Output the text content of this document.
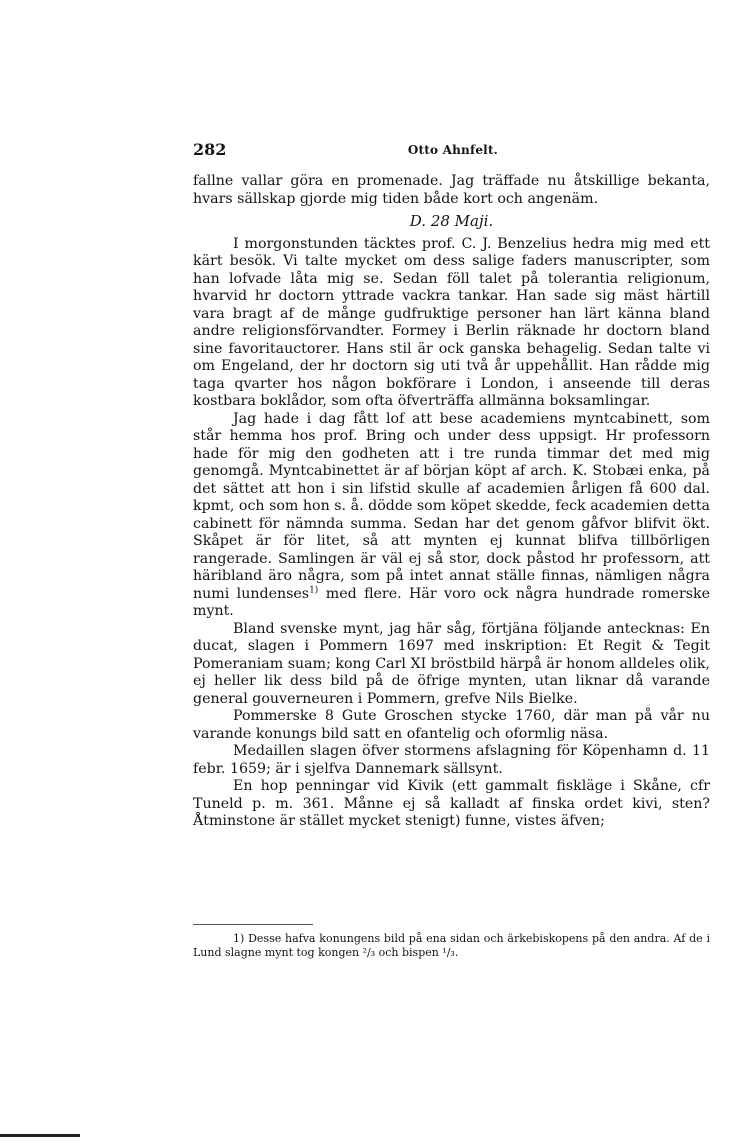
282	Otto Ahnfelt.

fallne vallar göra en promenade. Jag träffade nu åtskillige bekanta, hvars sällskap gjorde mig tiden både kort och angenäm.

D. 28 Maji.

I morgonstunden täcktes prof. C. J. Benzelius hedra mig med ett kärt besök. Vi talte mycket om dess salige faders manuscripter, som han lofvade låta mig se. Sedan föll talet på tolerantia religionum, hvarvid hr doctorn yttrade vackra tankar. Han sade sig mäst härtill vara bragt af de månge gudfruktige personer han lärt känna bland andre religionsförvandter. Formey i Berlin räknade hr doctorn bland sine favoritauctorer. Hans stil är ock ganska behagelig. Sedan talte vi om Engeland, der hr doctorn sig uti två år uppehållit. Han rådde mig taga qvarter hos någon bokförare i London, i anseende till deras kostbara boklådor, som ofta öfverträffa allmänna boksamlingar.

Jag hade i dag fått lof att bese academiens myntcabinett, som står hemma hos prof. Bring och under dess uppsigt. Hr professorn hade för mig den godheten att i tre runda timmar det med mig genomgå. Myntcabinettet är af början köpt af arch. K. Stobæi enka, på det sättet att hon i sin lifstid skulle af academien årligen få 600 dal. kpmt, och som hon s. å. dödde som köpet skedde, feck academien detta cabinett för nämnda summa. Sedan har det genom gåfvor blifvit ökt. Skåpet är för litet, så att mynten ej kunnat blifva tillbörligen rangerade. Samlingen är väl ej så stor, dock påstod hr professorn, att häribland äro några, som på intet annat ställe finnas, nämligen några numi lundenses$^{1)}$ med flere. Här voro ock några hundrade romerske mynt.

Bland svenske mynt, jag här såg, förtjäna följande antecknas: En ducat, slagen i Pommern 1697 med inskription: Et Regit & Tegit Pomeraniam suam; kong Carl XI bröstbild härpå är honom alldeles olik, ej heller lik dess bild på de öfrige mynten, utan liknar då varande general gouverneuren i Pommern, grefve Nils Bielke.

Pommerske 8 Gute Groschen stycke 1760, där man på vår nu varande konungs bild satt en ofantelig och oformlig näsa.

Medaillen slagen öfver stormens afslagning för Köpenhamn d. 11 febr. 1659; är i sjelfva Dannemark sällsynt.

En hop penningar vid Kivik (ett gammalt fiskläge i Skåne, cfr Tuneld p. m. 361. Månne ej så kalladt af finska ordet kivi, sten? Åtminstone är stället mycket stenigt) funne, vistes äfven;

1) Desse hafva konungens bild på ena sidan och ärkebiskopens på den andra. Af de i Lund slagne mynt tog kongen ²/₃ och bispen ¹/₃.
